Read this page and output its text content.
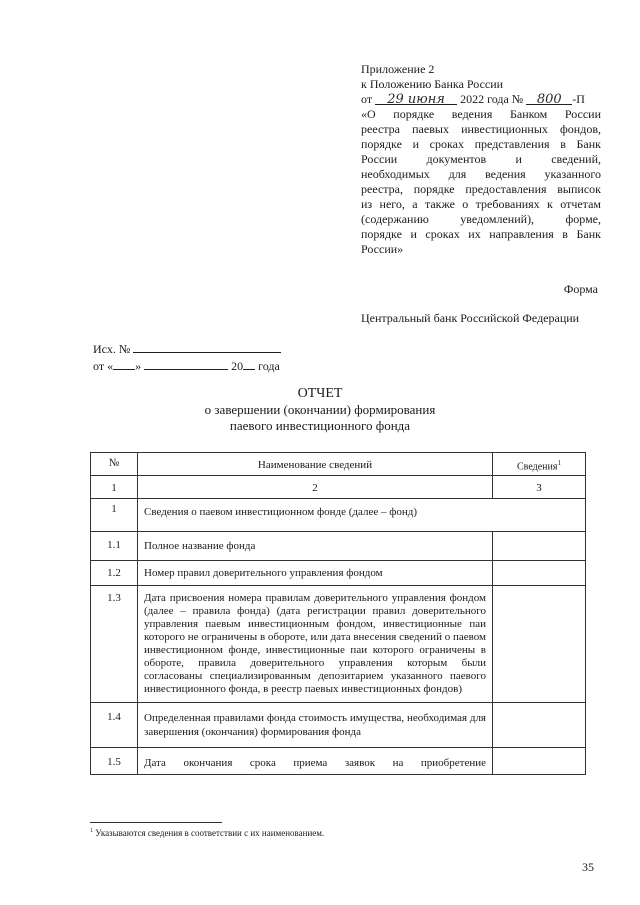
Приложение 2
к Положению Банка России
от 29 июня 2022 года № 800 -П
«О порядке ведения Банком России
реестра паевых инвестиционных фондов,
порядке и сроках представления в Банк
России документов и сведений,
необходимых для ведения указанного
реестра, порядке предоставления выписок
из него, а также о требованиях к отчетам
(содержанию уведомлений), форме,
порядке и сроках их направления в Банк
России»
Форма
Центральный банк Российской Федерации
Исх. №
от « »	20 года
ОТЧЕТ
о завершении (окончании) формирования
паевого инвестиционного фонда
№	Наименование сведений	Сведения$^1$
1	2	3
1	Сведения о паевом инвестиционном фонде (далее – фонд)	
1.1	Полное название фонда	
1.2	Номер правил доверительного управления фондом	
1.3	Дата присвоения номера правилам доверительного управления фондом (далее – правила фонда) (дата регистрации правил доверительного управления паевым инвестиционным фондом, инвестиционные паи которого не ограничены в обороте, или дата внесения сведений о паевом инвестиционном фонде, инвестиционные паи которого ограничены в обороте, правила доверительного управления которым были согласованы специализированным депозитарием указанного паевого инвестиционного фонда, в реестр паевых инвестиционных фондов)	
1.4	Определенная правилами фонда стоимость имущества, необходимая для завершения (окончания) формирования фонда	
1.5	Дата окончания срока приема заявок на приобретение	
$^1$ Указываются сведения в соответствии с их наименованием.
35
